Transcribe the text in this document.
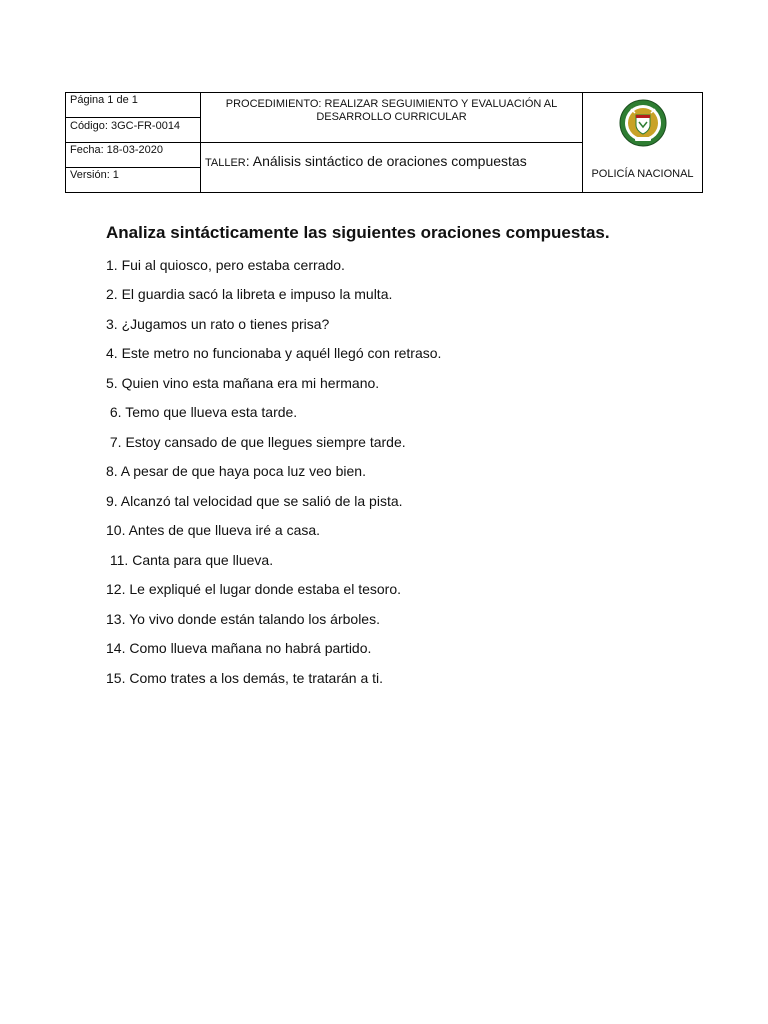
Página 1 de 1
Código: 3GC-FR-0014
Fecha: 18-03-2020
Versión: 1
PROCEDIMIENTO: REALIZAR SEGUIMIENTO Y EVALUACIÓN AL
DESARROLLO CURRICULAR
TALLER: Análisis sintáctico de oraciones compuestas
POLICÍA NACIONAL
Analiza sintácticamente las siguientes oraciones compuestas.
1. Fui al quiosco, pero estaba cerrado.
2. El guardia sacó la libreta e impuso la multa.
3. ¿Jugamos un rato o tienes prisa?
4. Este metro no funcionaba y aquél llegó con retraso.
5. Quien vino esta mañana era mi hermano.
6. Temo que llueva esta tarde.
7. Estoy cansado de que llegues siempre tarde.
8. A pesar de que haya poca luz veo bien.
9. Alcanzó tal velocidad que se salió de la pista.
10. Antes de que llueva iré a casa.
11. Canta para que llueva.
12. Le expliqué el lugar donde estaba el tesoro.
13. Yo vivo donde están talando los árboles.
14. Como llueva mañana no habrá partido.
15. Como trates a los demás, te tratarán a ti.
